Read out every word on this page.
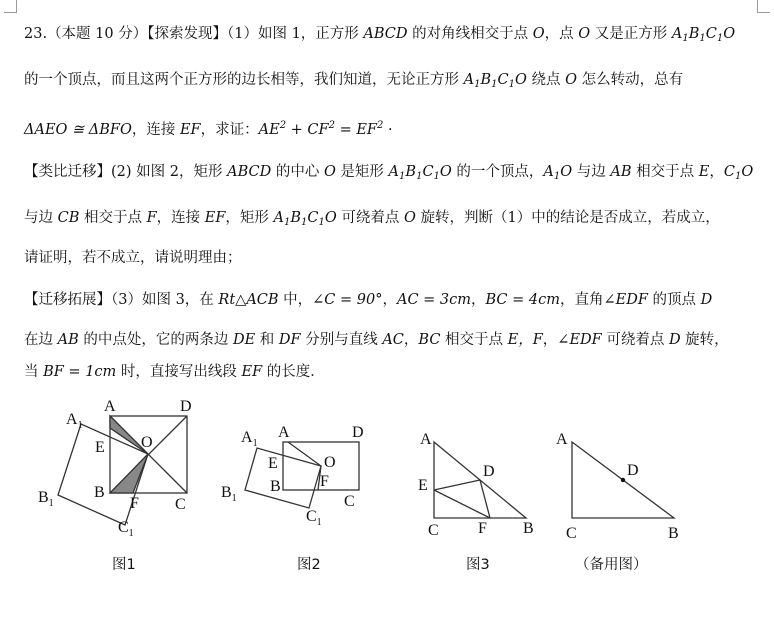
23.（本题 10 分）【探索发现】（1）如图 1，正方形 ABCD 的对角线相交于点 O，点 O 又是正方形 $A_1B_1C_1O$
的一个顶点，而且这两个正方形的边长相等，我们知道，无论正方形 $A_1B_1C_1O$ 绕点 O 怎么转动，总有
ΔAEO ≅ ΔBFO，连接 EF，求证：$AE^2 + CF^2 = EF^2$ ·
【类比迁移】(2) 如图 2，矩形 ABCD 的中心 O 是矩形 $A_1B_1C_1O$ 的一个顶点，$A_1O$ 与边 AB 相交于点 E，$C_1O$
与边 CB 相交于点 F，连接 EF，矩形 $A_1B_1C_1O$ 可绕着点 O 旋转，判断（1）中的结论是否成立，若成立，
请证明，若不成立，请说明理由；
【迁移拓展】（3）如图 3，在 Rt△ACB 中，∠C = 90°，AC = 3cm，BC = 4cm，直角∠EDF 的顶点 D
在边 AB 的中点处，它的两条边 DE 和 DF 分别与直线 AC，BC 相交于点 E，F，∠EDF 可绕着点 D 旋转，
当 BF = 1cm 时，直接写出线段 EF 的长度．
$A_1$
A	D
E O
$B_1$
B
F C
$C_1$
$A_1$
A	D
E	O
$B_1$
B F
C
$C_1$
A
D
E
C F B
A
D
C	B
图1	图2	图3	（备用图）
